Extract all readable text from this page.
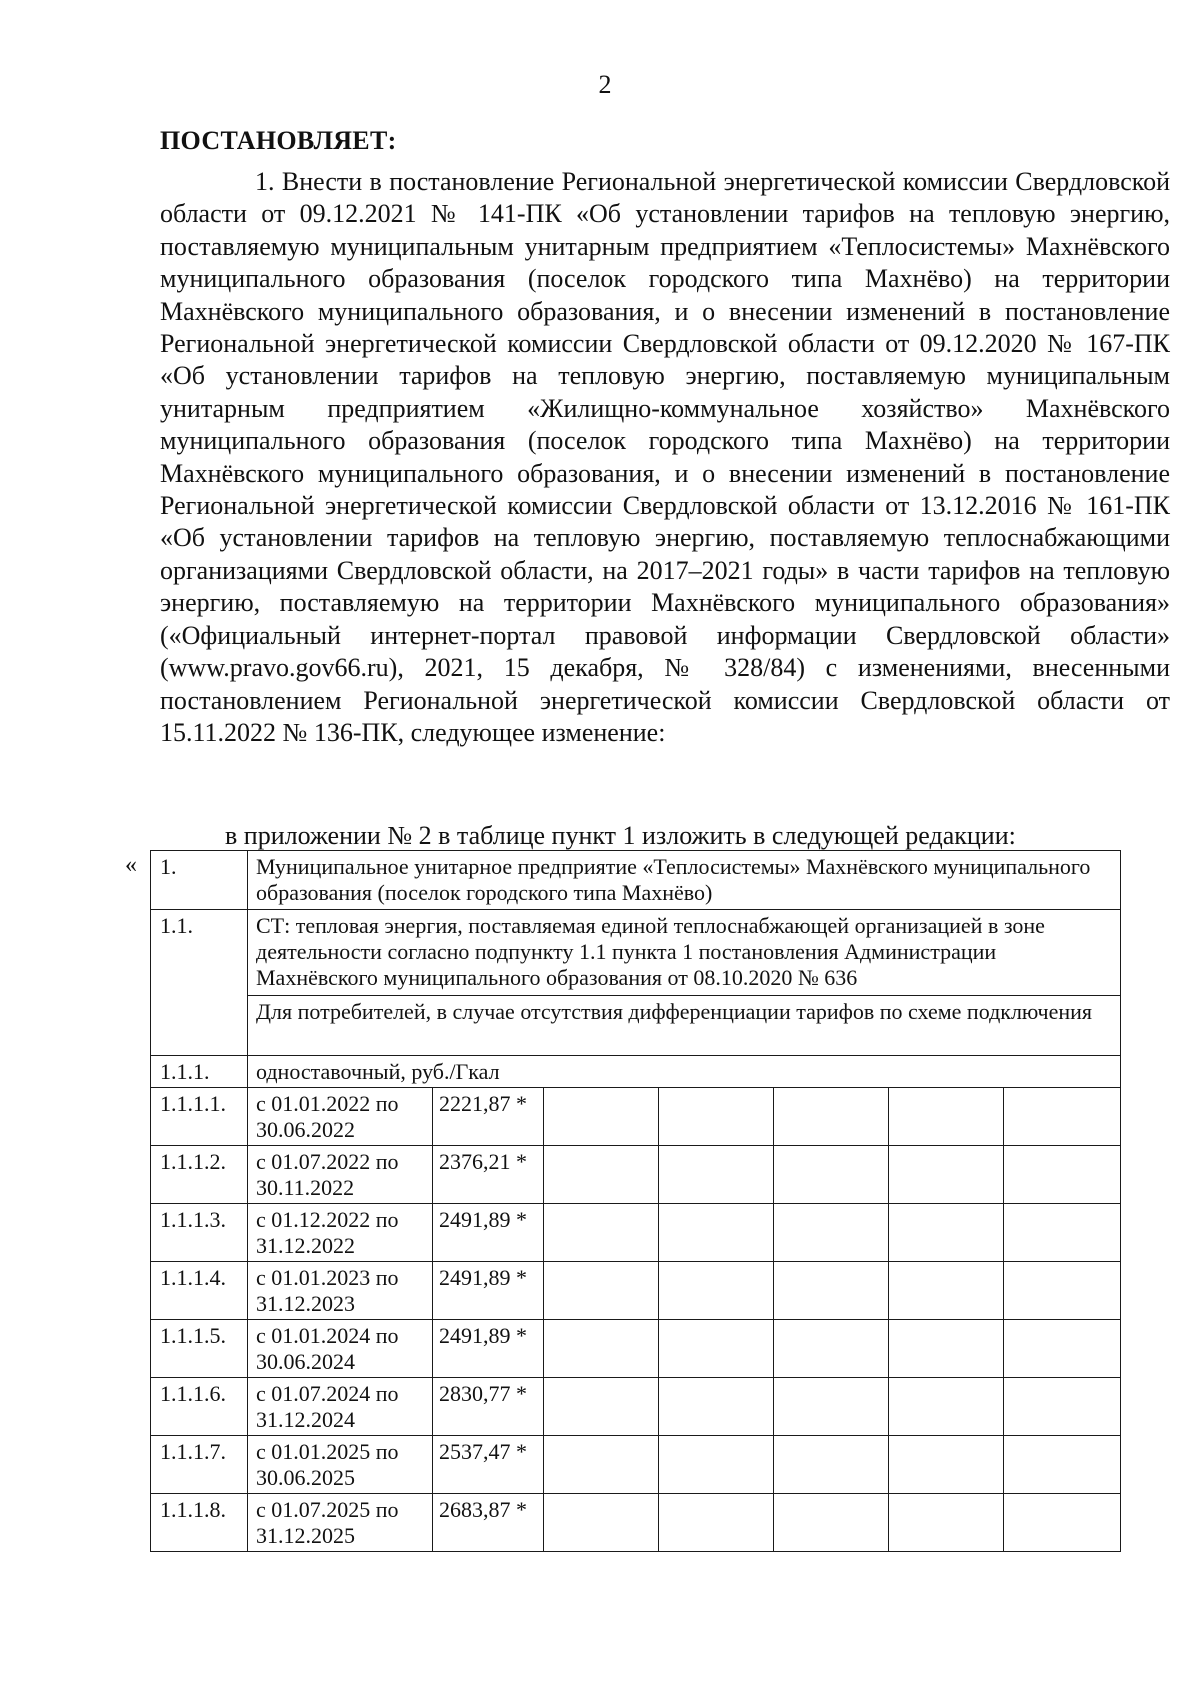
2
ПОСТАНОВЛЯЕТ:
1. Внести в постановление Региональной энергетической комиссии Свердловской области от 09.12.2021 № 141-ПК «Об установлении тарифов на тепловую энергию, поставляемую муниципальным унитарным предприятием «Теплосистемы» Махнёвского муниципального образования (поселок городского типа Махнёво) на территории Махнёвского муниципального образования, и о внесении изменений в постановление Региональной энергетической комиссии Свердловской области от 09.12.2020 № 167-ПК «Об установлении тарифов на тепловую энергию, поставляемую муниципальным унитарным предприятием «Жилищно-коммунальное хозяйство» Махнёвского муниципального образования (поселок городского типа Махнёво) на территории Махнёвского муниципального образования, и о внесении изменений в постановление Региональной энергетической комиссии Свердловской области от 13.12.2016 № 161-ПК «Об установлении тарифов на тепловую энергию, поставляемую теплоснабжающими организациями Свердловской области, на 2017–2021 годы» в части тарифов на тепловую энергию, поставляемую на территории Махнёвского муниципального образования» («Официальный интернет-портал правовой информации Свердловской области» (www.pravo.gov66.ru), 2021, 15 декабря, № 328/84) с изменениями, внесенными постановлением Региональной энергетической комиссии Свердловской области от 15.11.2022 № 136-ПК, следующее изменение:
в приложении № 2 в таблице пункт 1 изложить в следующей редакции:
« 1.	Муниципальное унитарное предприятие «Теплосистемы» Махнёвского муниципального образования (поселок городского типа Махнёво)						
1.1.	СТ: тепловая энергия, поставляемая единой теплоснабжающей организацией в зоне деятельности согласно подпункту 1.1 пункта 1 постановления Администрации Махнёвского муниципального образования от 08.10.2020 № 636						
	Для потребителей, в случае отсутствия дифференциации тарифов по схеме подключения						
1.1.1.	одноставочный, руб./Гкал						
1.1.1.1.	с 01.01.2022 по 30.06.2022	2221,87 *					
1.1.1.2.	с 01.07.2022 по 30.11.2022	2376,21 *					
1.1.1.3.	с 01.12.2022 по 31.12.2022	2491,89 *					
1.1.1.4.	с 01.01.2023 по 31.12.2023	2491,89 *					
1.1.1.5.	с 01.01.2024 по 30.06.2024	2491,89 *					
1.1.1.6.	с 01.07.2024 по 31.12.2024	2830,77 *					
1.1.1.7.	с 01.01.2025 по 30.06.2025	2537,47 *					
1.1.1.8.	с 01.07.2025 по 31.12.2025	2683,87 *					
